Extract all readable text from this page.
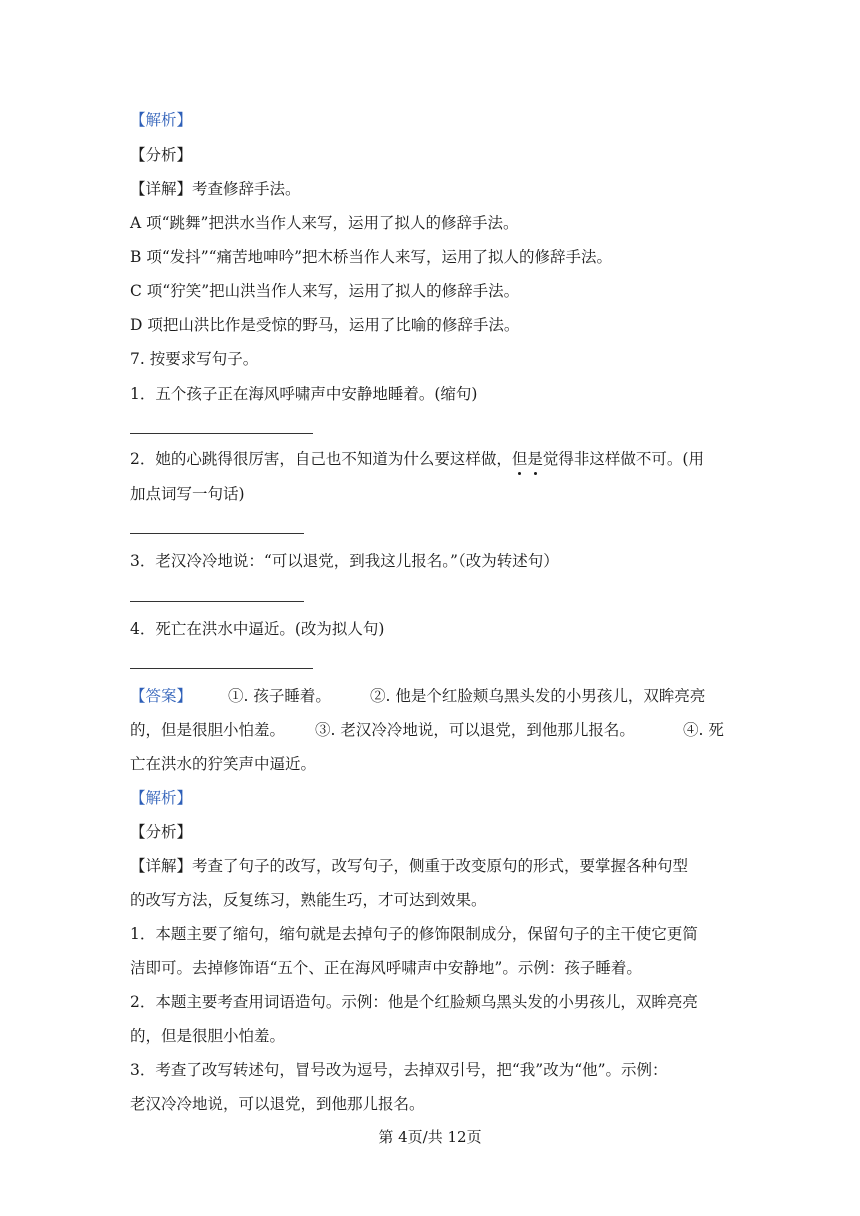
【解析】
【分析】
【详解】考查修辞手法。
A 项“跳舞”把洪水当作人来写，运用了拟人的修辞手法。
B 项“发抖”“痛苦地呻吟”把木桥当作人来写，运用了拟人的修辞手法。
C 项“狞笑”把山洪当作人来写，运用了拟人的修辞手法。
D 项把山洪比作是受惊的野马，运用了比喻的修辞手法。
7. 按要求写句子。
1．五个孩子正在海风呼啸声中安静地睡着。(缩句)
2．她的心跳得很厉害，自己也不知道为什么要这样做，但是觉得非这样做不可。(用
加点词写一句话)
3．老汉冷冷地说：“可以退党，到我这儿报名。”（改为转述句）
4．死亡在洪水中逼近。(改为拟人句)
【答案】 ①. 孩子睡着。	②. 他是个红脸颊乌黑头发的小男孩儿，双眸亮亮
的，但是很胆小怕羞。 ③. 老汉冷冷地说，可以退党，到他那儿报名。	④. 死
亡在洪水的狞笑声中逼近。
【解析】
【分析】
【详解】考查了句子的改写，改写句子，侧重于改变原句的形式，要掌握各种句型
的改写方法，反复练习，熟能生巧，才可达到效果。
1．本题主要了缩句，缩句就是去掉句子的修饰限制成分，保留句子的主干使它更简
洁即可。去掉修饰语“五个、正在海风呼啸声中安静地”。示例：孩子睡着。
2．本题主要考查用词语造句。示例：他是个红脸颊乌黑头发的小男孩儿，双眸亮亮
的，但是很胆小怕羞。
3．考查了改写转述句，冒号改为逗号，去掉双引号，把“我”改为“他”。示例：
老汉冷冷地说，可以退党，到他那儿报名。
第 4页/共 12页
